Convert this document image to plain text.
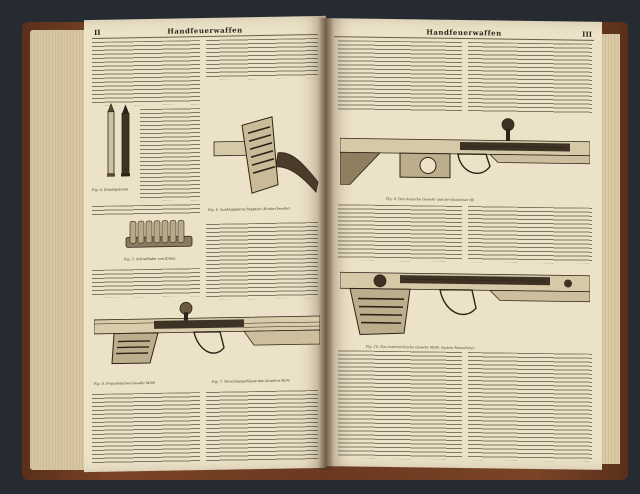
II	Handfeuerwaffen
Fig. 4. Einzelpatrone
Fig. 6. Ausklappbares Magazin (Krnka-Gewehr)
Fig. 5. Schnellader von Krnka
Fig. 7. Verschlussgehäuse des Gewehrs M/91
Fig. 8. Französisches Gewehr M/86
Handfeuerwaffen	III
Fig. 9. Das deutsche Gewehr und der Karabiner 88
Fig. 10. Das österreichische Gewehr M/95. System Mannlicher
